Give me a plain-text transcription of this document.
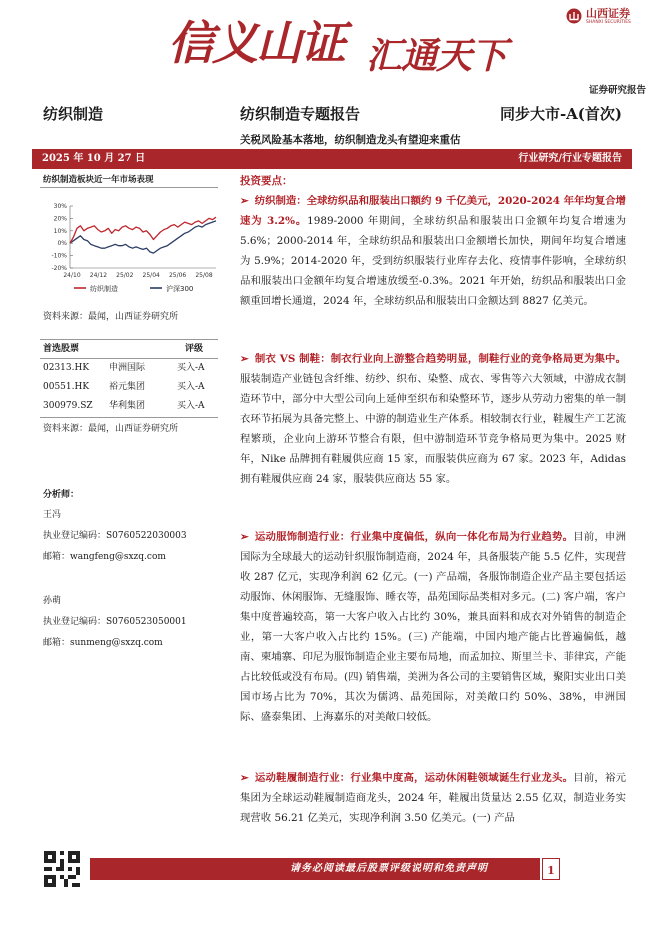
信义山证 汇通天下
山西证券
SHANXI SECURITIES
证券研究报告
纺织制造	纺织制造专题报告	同步大市-A(首次)
关税风险基本落地，纺织制造龙头有望迎来重估
2025 年 10 月 27 日	行业研究/行业专题报告
纺织制造板块近一年市场表现
30%
20%
10%
0%
-10%
-20%
24/10 24/12 25/02 25/04 25/06 25/08
纺织制造	沪深300
资料来源：最闻，山西证券研究所
首选股票	评级
02313.HK 申洲国际	买入-A
00551.HK 裕元集团	买入-A
300979.SZ 华利集团	买入-A
资料来源：最闻，山西证券研究所
分析师：
王冯
执业登记编码：S0760522030003
邮箱：wangfeng@sxzq.com
孙萌
执业登记编码：S0760523050001
邮箱：sunmeng@sxzq.com
投资要点：
➢ 纺织制造：全球纺织品和服装出口额约 9 千亿美元，2020-2024 年年均复合增速为 3.2%。1989-2000 年期间，全球纺织品和服装出口金额年均复合增速为 5.6%；2000-2014 年，全球纺织品和服装出口金额增长加快，期间年均复合增速为 5.9%；2014-2020 年，受到纺织服装行业库存去化、疫情事件影响，全球纺织品和服装出口金额年均复合增速放缓至-0.3%。2021 年开始，纺织品和服装出口金额重回增长通道，2024 年，全球纺织品和服装出口金额达到 8827 亿美元。
➢ 制衣 VS 制鞋：制衣行业向上游整合趋势明显，制鞋行业的竞争格局更为集中。服装制造产业链包含纤维、纺纱、织布、染整、成衣、零售等六大领域，中游成衣制造环节中，部分中大型公司向上延伸至织布和染整环节，逐步从劳动力密集的单一制衣环节拓展为具备完整上、中游的制造业生产体系。相较制衣行业，鞋履生产工艺流程繁琐，企业向上游环节整合有限，但中游制造环节竞争格局更为集中。2025 财年，Nike 品牌拥有鞋履供应商 15 家，而服装供应商为 67 家。2023 年，Adidas 拥有鞋履供应商 24 家，服装供应商达 55 家。
➢ 运动服饰制造行业：行业集中度偏低，纵向一体化布局为行业趋势。目前，申洲国际为全球最大的运动针织服饰制造商，2024 年，具备服装产能 5.5 亿件，实现营收 287 亿元，实现净利润 62 亿元。(一) 产品端，各服饰制造企业产品主要包括运动服饰、休闲服饰、无缝服饰、睡衣等，晶苑国际品类相对多元。(二) 客户端，客户集中度普遍较高，第一大客户收入占比约 30%，兼具面料和成衣对外销售的制造企业，第一大客户收入占比约 15%。(三) 产能端，中国内地产能占比普遍偏低，越南、柬埔寨、印尼为服饰制造企业主要布局地，而孟加拉、斯里兰卡、菲律宾，产能占比较低或没有布局。(四) 销售端，美洲为各公司的主要销售区域，聚阳实业出口美国市场占比为 70%，其次为儒鸿、晶苑国际，对美敞口约 50%、38%，申洲国际、盛泰集团、上海嘉乐的对美敞口较低。
➢ 运动鞋履制造行业：行业集中度高，运动休闲鞋领域诞生行业龙头。目前，裕元集团为全球运动鞋履制造商龙头，2024 年，鞋履出货量达 2.55 亿双，制造业务实现营收 56.21 亿美元，实现净利润 3.50 亿美元。(一) 产品
请务必阅读最后股票评级说明和免责声明	1
